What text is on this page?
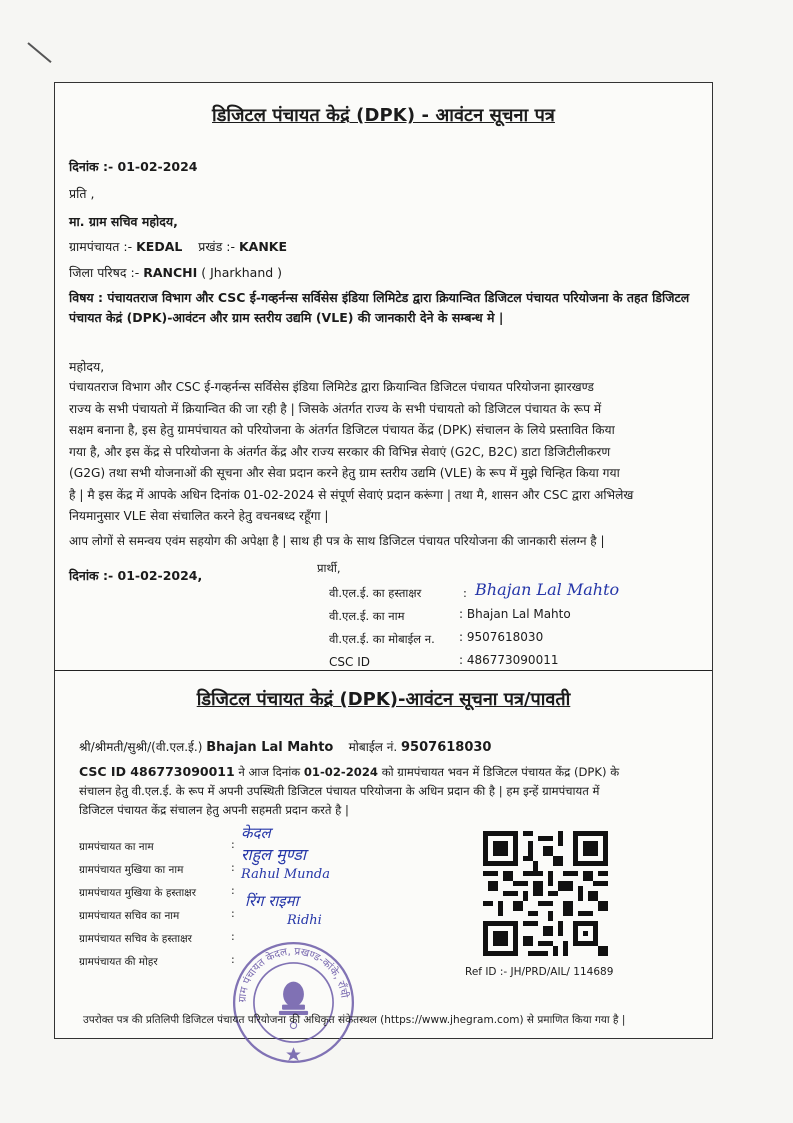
डिजिटल पंचायत केद्रं (DPK) - आवंटन सूचना पत्र
दिनांक :- 01-02-2024
प्रति ,
मा. ग्राम सचिव महोदय,
ग्रामपंचायत :- KEDAL प्रखंड :- KANKE
जिला परिषद :- RANCHI ( Jharkhand )
विषय : पंचायतराज विभाग और CSC ई-गव्हर्नन्स सर्विसेस इंडिया लिमिटेड द्वारा क्रियान्वित डिजिटल पंचायत परियोजना के तहत डिजिटल पंचायत केद्रं (DPK)-आवंटन और ग्राम स्तरीय उद्यमि (VLE) की जानकारी देने के सम्बन्ध मे |
महोदय,
पंचायतराज विभाग और CSC ई-गव्हर्नन्स सर्विसेस इंडिया लिमिटेड द्वारा क्रियान्वित डिजिटल पंचायत परियोजना झारखण्ड
राज्य के सभी पंचायतो में क्रियान्वित की जा रही है | जिसके अंतर्गत राज्य के सभी पंचायतो को डिजिटल पंचायत के रूप में
सक्षम बनाना है, इस हेतु ग्रामपंचायत को परियोजना के अंतर्गत डिजिटल पंचायत केंद्र (DPK) संचालन के लिये प्रस्तावित किया
गया है, और इस केंद्र से परियोजना के अंतर्गत केंद्र और राज्य सरकार की विभिन्न सेवाएं (G2C, B2C) डाटा डिजिटीलीकरण
(G2G) तथा सभी योजनाओं की सूचना और सेवा प्रदान करने हेतु ग्राम स्तरीय उद्यमि (VLE) के रूप में मुझे चिन्हित किया गया
है | मै इस केंद्र में आपके अधिन दिनांक 01-02-2024 से संपूर्ण सेवाएं प्रदान करूंगा | तथा मै, शासन और CSC द्वारा अभिलेख
नियमानुसार VLE सेवा संचालित करने हेतु वचनबध्द रहूँगा |
आप लोगों से समन्वय एवंम सहयोग की अपेक्षा है | साथ ही पत्र के साथ डिजिटल पंचायत परियोजना की जानकारी संलग्न है |
दिनांक :- 01-02-2024,	प्रार्थी,
वी.एल.ई. का हस्ताक्षर	: Bhajan Lal Mahto
वी.एल.ई. का नाम	: Bhajan Lal Mahto
वी.एल.ई. का मोबाईल न. : 9507618030
CSC ID	: 486773090011
डिजिटल पंचायत केद्रं (DPK)-आवंटन सूचना पत्र/पावती
श्री/श्रीमती/सुश्री/(वी.एल.ई.) Bhajan Lal Mahto मोबाईल नं. 9507618030
CSC ID 486773090011 ने आज दिनांक 01-02-2024 को ग्रामपंचायत भवन में डिजिटल पंचायत केंद्र (DPK) के
संचालन हेतु वी.एल.ई. के रूप में अपनी उपस्थिती डिजिटल पंचायत परियोजना के अधिन प्रदान की है | हम इन्हें ग्रामपंचायत में
डिजिटल पंचायत केंद्र संचालन हेतु अपनी सहमती प्रदान करते है |
ग्रामपंचायत का नाम	:
केदल
ग्रामपंचायत मुखिया का नाम	:
राहुल मुण्डा
ग्रामपंचायत मुखिया के हस्ताक्षर	:
Rahul Munda
ग्रामपंचायत सचिव का नाम	:
रिंग राइमा
ग्रामपंचायत सचिव के हस्ताक्षर	:
Ridhi
ग्रामपंचायत की मोहर	:
Ref ID :- JH/PRD/AIL/ 114689
ग्राम पंचायत केदल, प्रखण्ड-कांके, राँची
उपरोक्त पत्र की प्रतिलिपी डिजिटल पंचायत परियोजना की अधिकृत संकेतस्थल (https://www.jhegram.com) से प्रमाणित किया गया है |
